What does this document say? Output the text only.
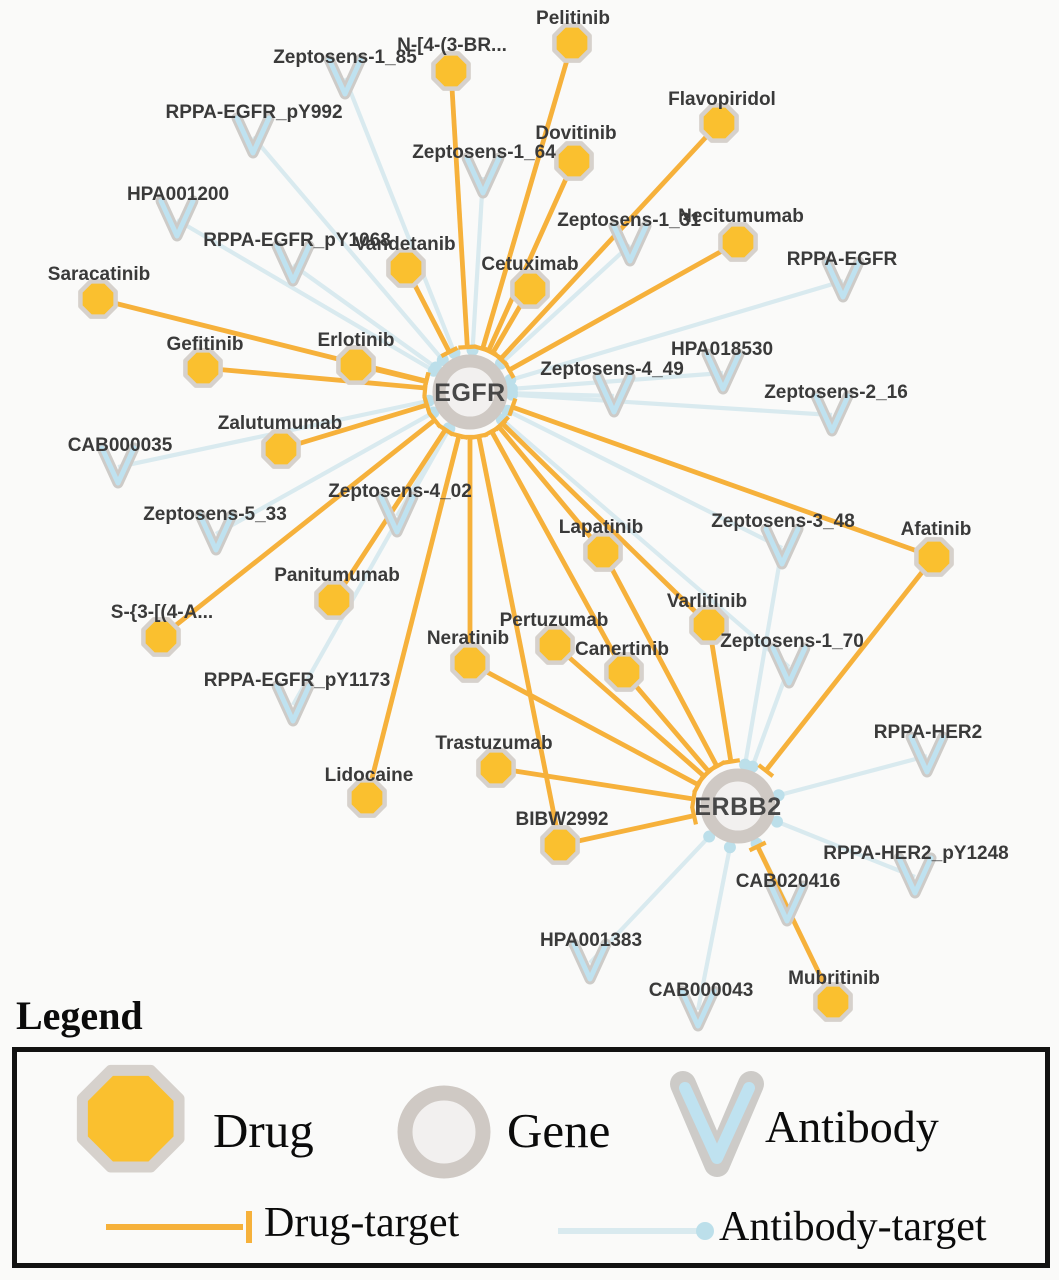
Zeptosens-1_85
RPPA-EGFR_pY992
HPA001200
RPPA-EGFR_pY1068
Zeptosens-1_64
Zeptosens-1_31
RPPA-EGFR
HPA018530
Zeptosens-4_49
Zeptosens-2_16
CAB000035
Zeptosens-5_33
Zeptosens-4_02
RPPA-EGFR_pY1173
Zeptosens-3_48
Zeptosens-1_70
RPPA-HER2
RPPA-HER2_pY1248
CAB020416
HPA001383
CAB000043
Pelitinib
N-[4-(3-BR...
Dovitinib
Flavopiridol
Vandetanib
Cetuximab
Necitumumab
Saracatinib
Gefitinib	Erlotinib
Zalutumumab
Panitumumab
S-{3-[(4-A...
Lidocaine
Lapatinib	Afatinib
Varlitinib
Pertuzumab
Neratinib
Canertinib
Trastuzumab
BIBW2992
Mubritinib
EGFR
ERBB2
Legend
Drug	Gene	Antibody
Drug-target	Antibody-target
